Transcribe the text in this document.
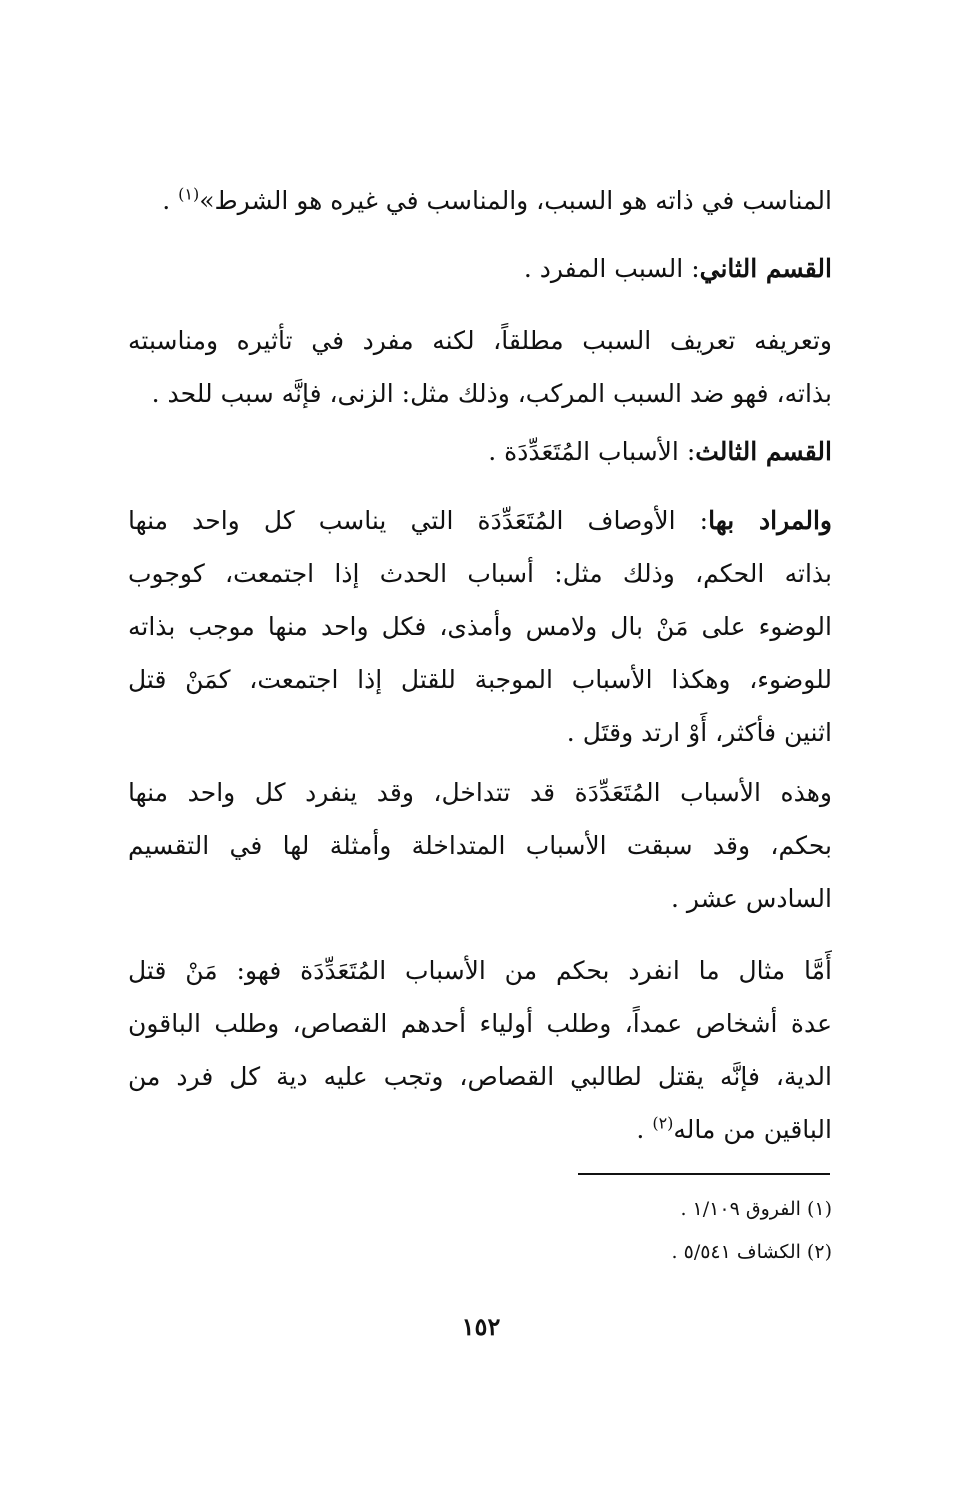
المناسب في ذاته هو السبب، والمناسب في غيره هو الشرط»$^{(١)}$ .
القسم الثاني: السبب المفرد .
وتعريفه تعريف السبب مطلقاً، لكنه مفرد في تأثيره ومناسبته
بذاته، فهو ضد السبب المركب، وذلك مثل: الزنى، فإنَّه سبب للحد .
القسم الثالث: الأسباب المُتَعَدِّدَة .
والمراد بها: الأوصاف المُتَعَدِّدَة التي يناسب كل واحد منها
بذاته الحكم، وذلك مثل: أسباب الحدث إذا اجتمعت، كوجوب
الوضوء على مَنْ بال ولامس وأمذى، فكل واحد منها موجب بذاته
للوضوء، وهكذا الأسباب الموجبة للقتل إذا اجتمعت، كمَنْ قتل
اثنين فأكثر، أَوْ ارتد وقتَل .
وهذه الأسباب المُتَعَدِّدَة قد تتداخل، وقد ينفرد كل واحد منها
بحكم، وقد سبقت الأسباب المتداخلة وأمثلة لها في التقسيم
السادس عشر .
أَمَّا مثال ما انفرد بحكم من الأسباب المُتَعَدِّدَة فهو: مَنْ قتل
عدة أشخاص عمداً، وطلب أولياء أحدهم القصاص، وطلب الباقون
الدية، فإنَّه يقتل لطالبي القصاص، وتجب عليه دية كل فرد من
الباقين من ماله$^{(٢)}$ .
(١) الفروق ١/١٠٩ .
(٢) الكشاف ٥/٥٤١ .
١٥٢
